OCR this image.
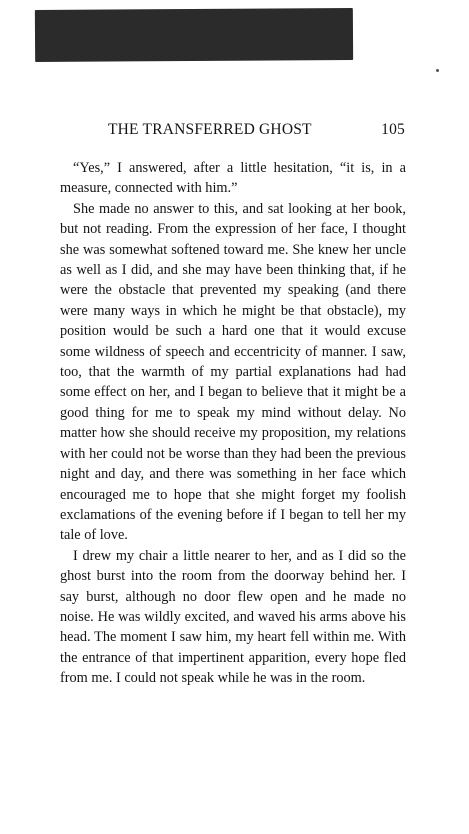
THE TRANSFERRED GHOST	105

“Yes,” I answered, after a little hesitation, “it is, in a measure, connected with him.”

She made no answer to this, and sat looking at her book, but not reading. From the expression of her face, I thought she was somewhat softened toward me. She knew her uncle as well as I did, and she may have been thinking that, if he were the obstacle that prevented my speaking (and there were many ways in which he might be that obstacle), my position would be such a hard one that it would excuse some wildness of speech and eccentricity of manner. I saw, too, that the warmth of my partial explanations had had some effect on her, and I began to believe that it might be a good thing for me to speak my mind without delay. No matter how she should receive my proposition, my relations with her could not be worse than they had been the previous night and day, and there was something in her face which encouraged me to hope that she might forget my foolish exclamations of the evening before if I began to tell her my tale of love.

I drew my chair a little nearer to her, and as I did so the ghost burst into the room from the doorway behind her. I say burst, although no door flew open and he made no noise. He was wildly excited, and waved his arms above his head. The moment I saw him, my heart fell within me. With the entrance of that impertinent apparition, every hope fled from me. I could not speak while he was in the room.
